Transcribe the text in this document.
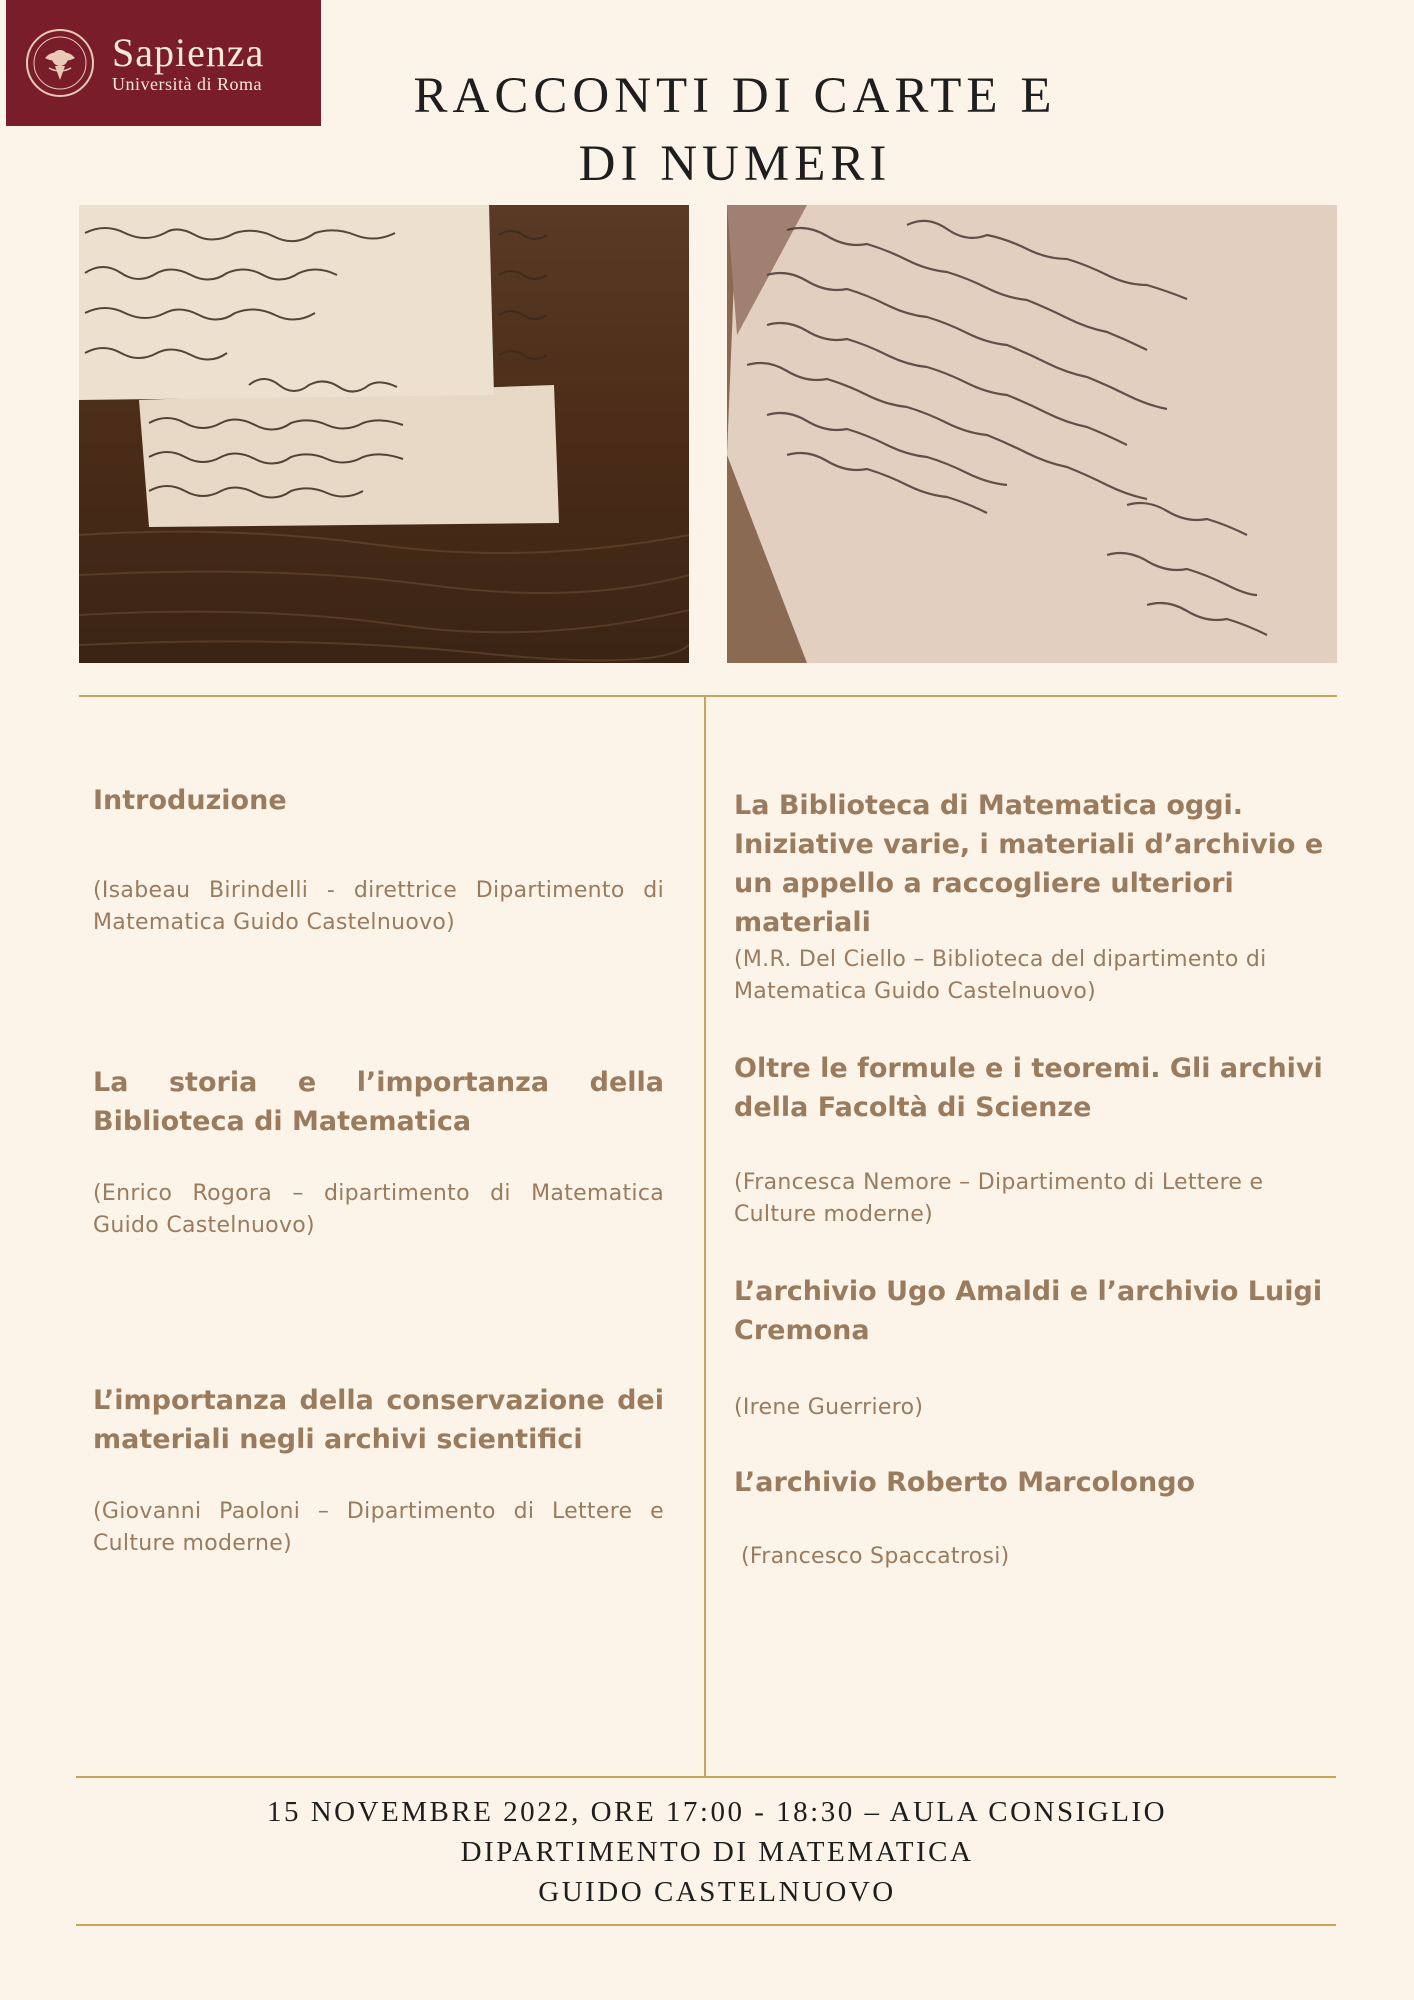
Sapienza
Università di Roma	RACCONTI DI CARTE E
DI NUMERI
Introduzione

(Isabeau Birindelli - direttrice Dipartimento di Matematica Guido Castelnuovo)

La storia e l’importanza della Biblioteca di Matematica

(Enrico Rogora – dipartimento di Matematica Guido Castelnuovo)

L’importanza della conservazione dei materiali negli archivi scientifici

(Giovanni Paoloni – Dipartimento di Lettere e Culture moderne)

La Biblioteca di Matematica oggi. Iniziative varie, i materiali d’archivio e un appello a raccogliere ulteriori materiali

(M.R. Del Ciello – Biblioteca del dipartimento di Matematica Guido Castelnuovo)

Oltre le formule e i teoremi. Gli archivi della Facoltà di Scienze

(Francesca Nemore – Dipartimento di Lettere e Culture moderne)

L’archivio Ugo Amaldi e l’archivio Luigi Cremona

(Irene Guerriero)

L’archivio Roberto Marcolongo

(Francesco Spaccatrosi)

15 NOVEMBRE 2022, ORE 17:00 - 18:30 – AULA CONSIGLIO
DIPARTIMENTO DI MATEMATICA
GUIDO CASTELNUOVO
